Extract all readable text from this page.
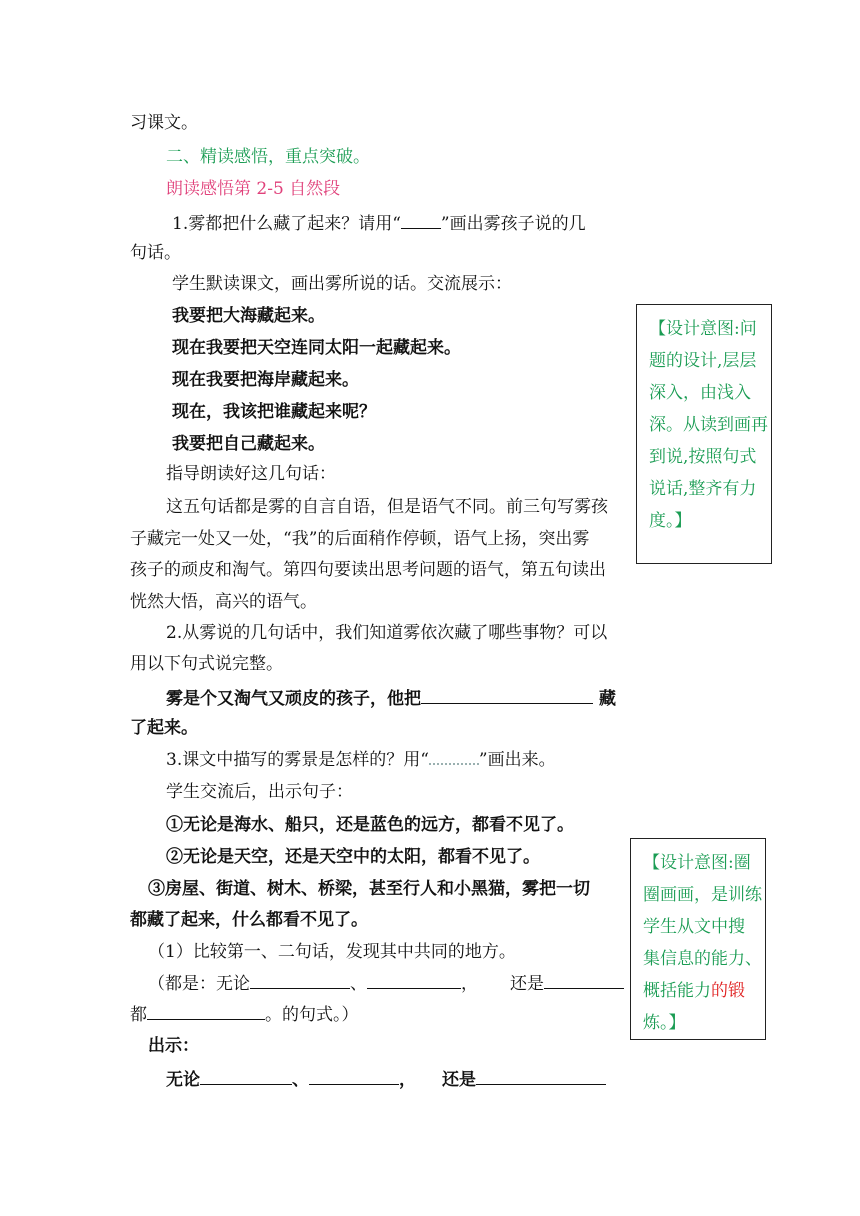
习课文。
二、精读感悟，重点突破。
朗读感悟第 2-5 自然段
1.雾都把什么藏了起来？请用“ ”画出雾孩子说的几
句话。
学生默读课文，画出雾所说的话。交流展示：
我要把大海藏起来。
现在我要把天空连同太阳一起藏起来。
现在我要把海岸藏起来。
现在，我该把谁藏起来呢？
我要把自己藏起来。
指导朗读好这几句话：
这五句话都是雾的自言自语，但是语气不同。前三句写雾孩
子藏完一处又一处，“我”的后面稍作停顿，语气上扬，突出雾
孩子的顽皮和淘气。第四句要读出思考问题的语气，第五句读出
恍然大悟，高兴的语气。
2.从雾说的几句话中，我们知道雾依次藏了哪些事物？可以
用以下句式说完整。
雾是个又淘气又顽皮的孩子，他把	藏
了起来。
3.课文中描写的雾景是怎样的？用“	”画出来。
学生交流后，出示句子：
①无论是海水、船只，还是蓝色的远方，都看不见了。
②无论是天空，还是天空中的太阳，都看不见了。
③房屋、街道、树木、桥梁，甚至行人和小黑猫，雾把一切
都藏了起来，什么都看不见了。
（1）比较第一、二句话，发现其中共同的地方。
（都是：无论	、	， 还是
都	。的句式。）
出示：
无论	、	， 还是
【设计意图:问
题的设计,层层
深入，由浅入
深。从读到画再
到说,按照句式
说话,整齐有力
度。】
【设计意图:圈
圈画画，是训练
学生从文中搜
集信息的能力、
概括能力的锻
炼。】
